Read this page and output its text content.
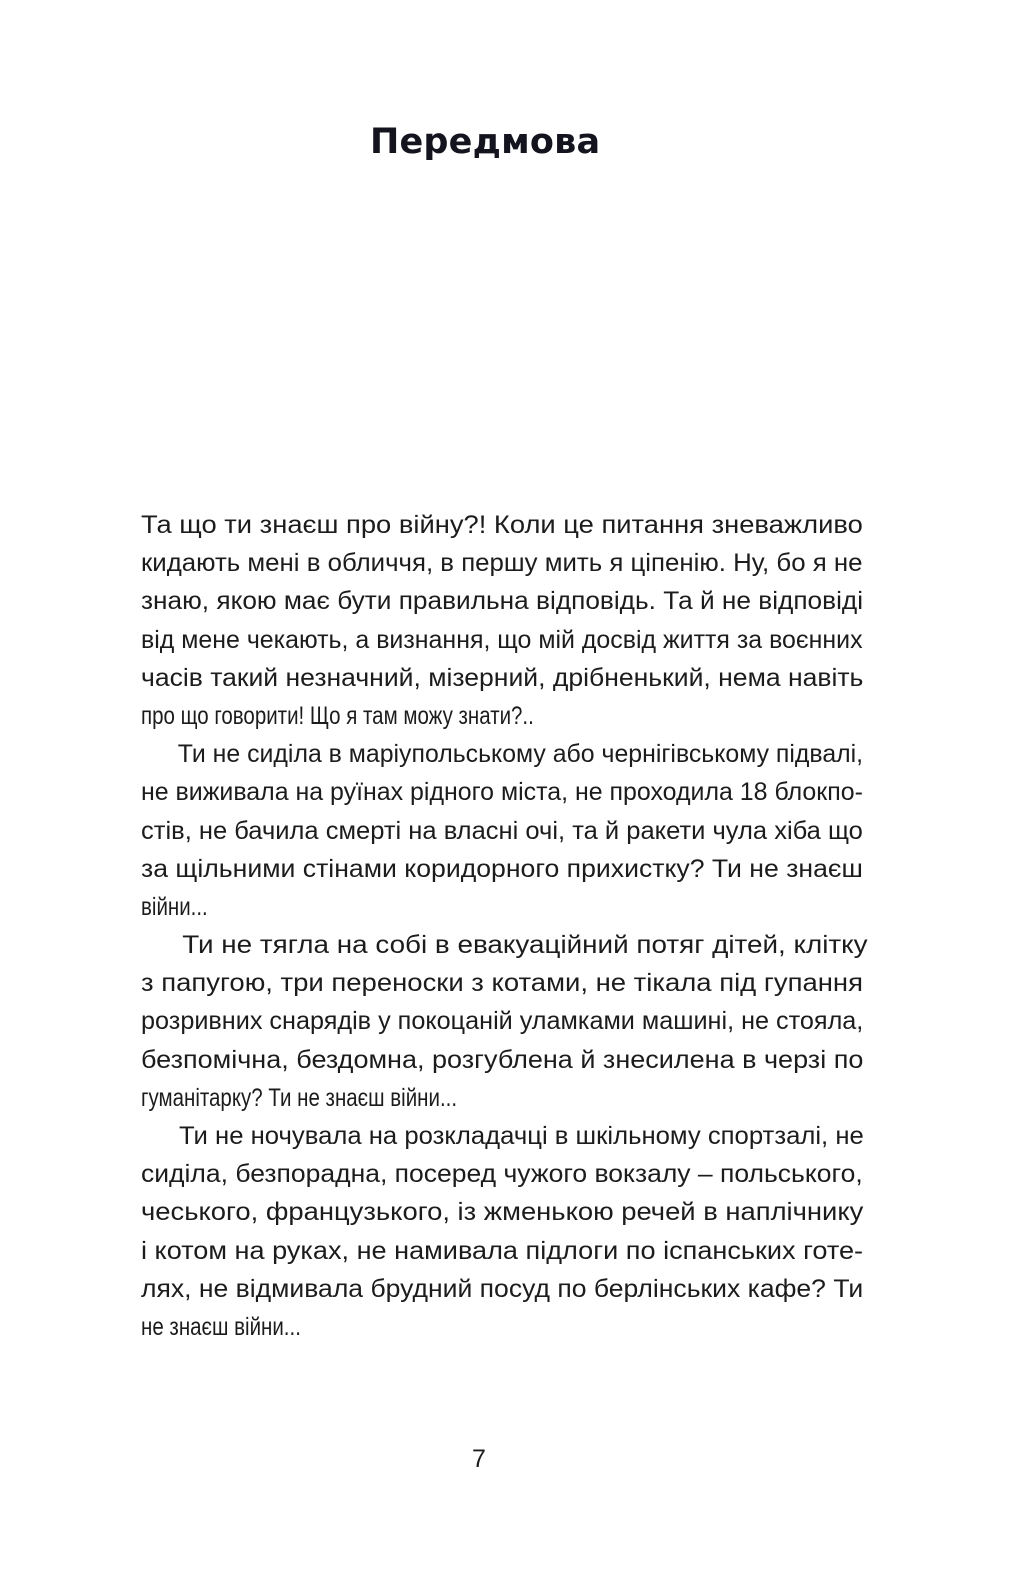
Передмова
Та що ти знаєш про війну?! Коли це питання зневажливо
кидають мені в обличчя, в першу мить я ціпенію. Ну, бо я не
знаю, якою має бути правильна відповідь. Та й не відповіді
від мене чекають, а визнання, що мій досвід життя за воєнних
часів такий незначний, мізерний, дрібненький, нема навіть
про що говорити! Що я там можу знати?..
Ти не сиділа в маріупольському або чернігівському підвалі,
не виживала на руїнах рідного міста, не проходила 18 блокпо-
стів, не бачила смерті на власні очі, та й ракети чула хіба що
за щільними стінами коридорного прихистку? Ти не знаєш
війни...
Ти не тягла на собі в евакуаційний потяг дітей, клітку
з папугою, три переноски з котами, не тікала під гупання
розривних снарядів у покоцаній уламками машині, не стояла,
безпомічна, бездомна, розгублена й знесилена в черзі по
гуманітарку? Ти не знаєш війни...
Ти не ночувала на розкладачці в шкільному спортзалі, не
сиділа, безпорадна, посеред чужого вокзалу – польського,
чеського, французького, із жменькою речей в наплічнику
і котом на руках, не намивала підлоги по іспанських готе-
лях, не відмивала брудний посуд по берлінських кафе? Ти
не знаєш війни...
7
